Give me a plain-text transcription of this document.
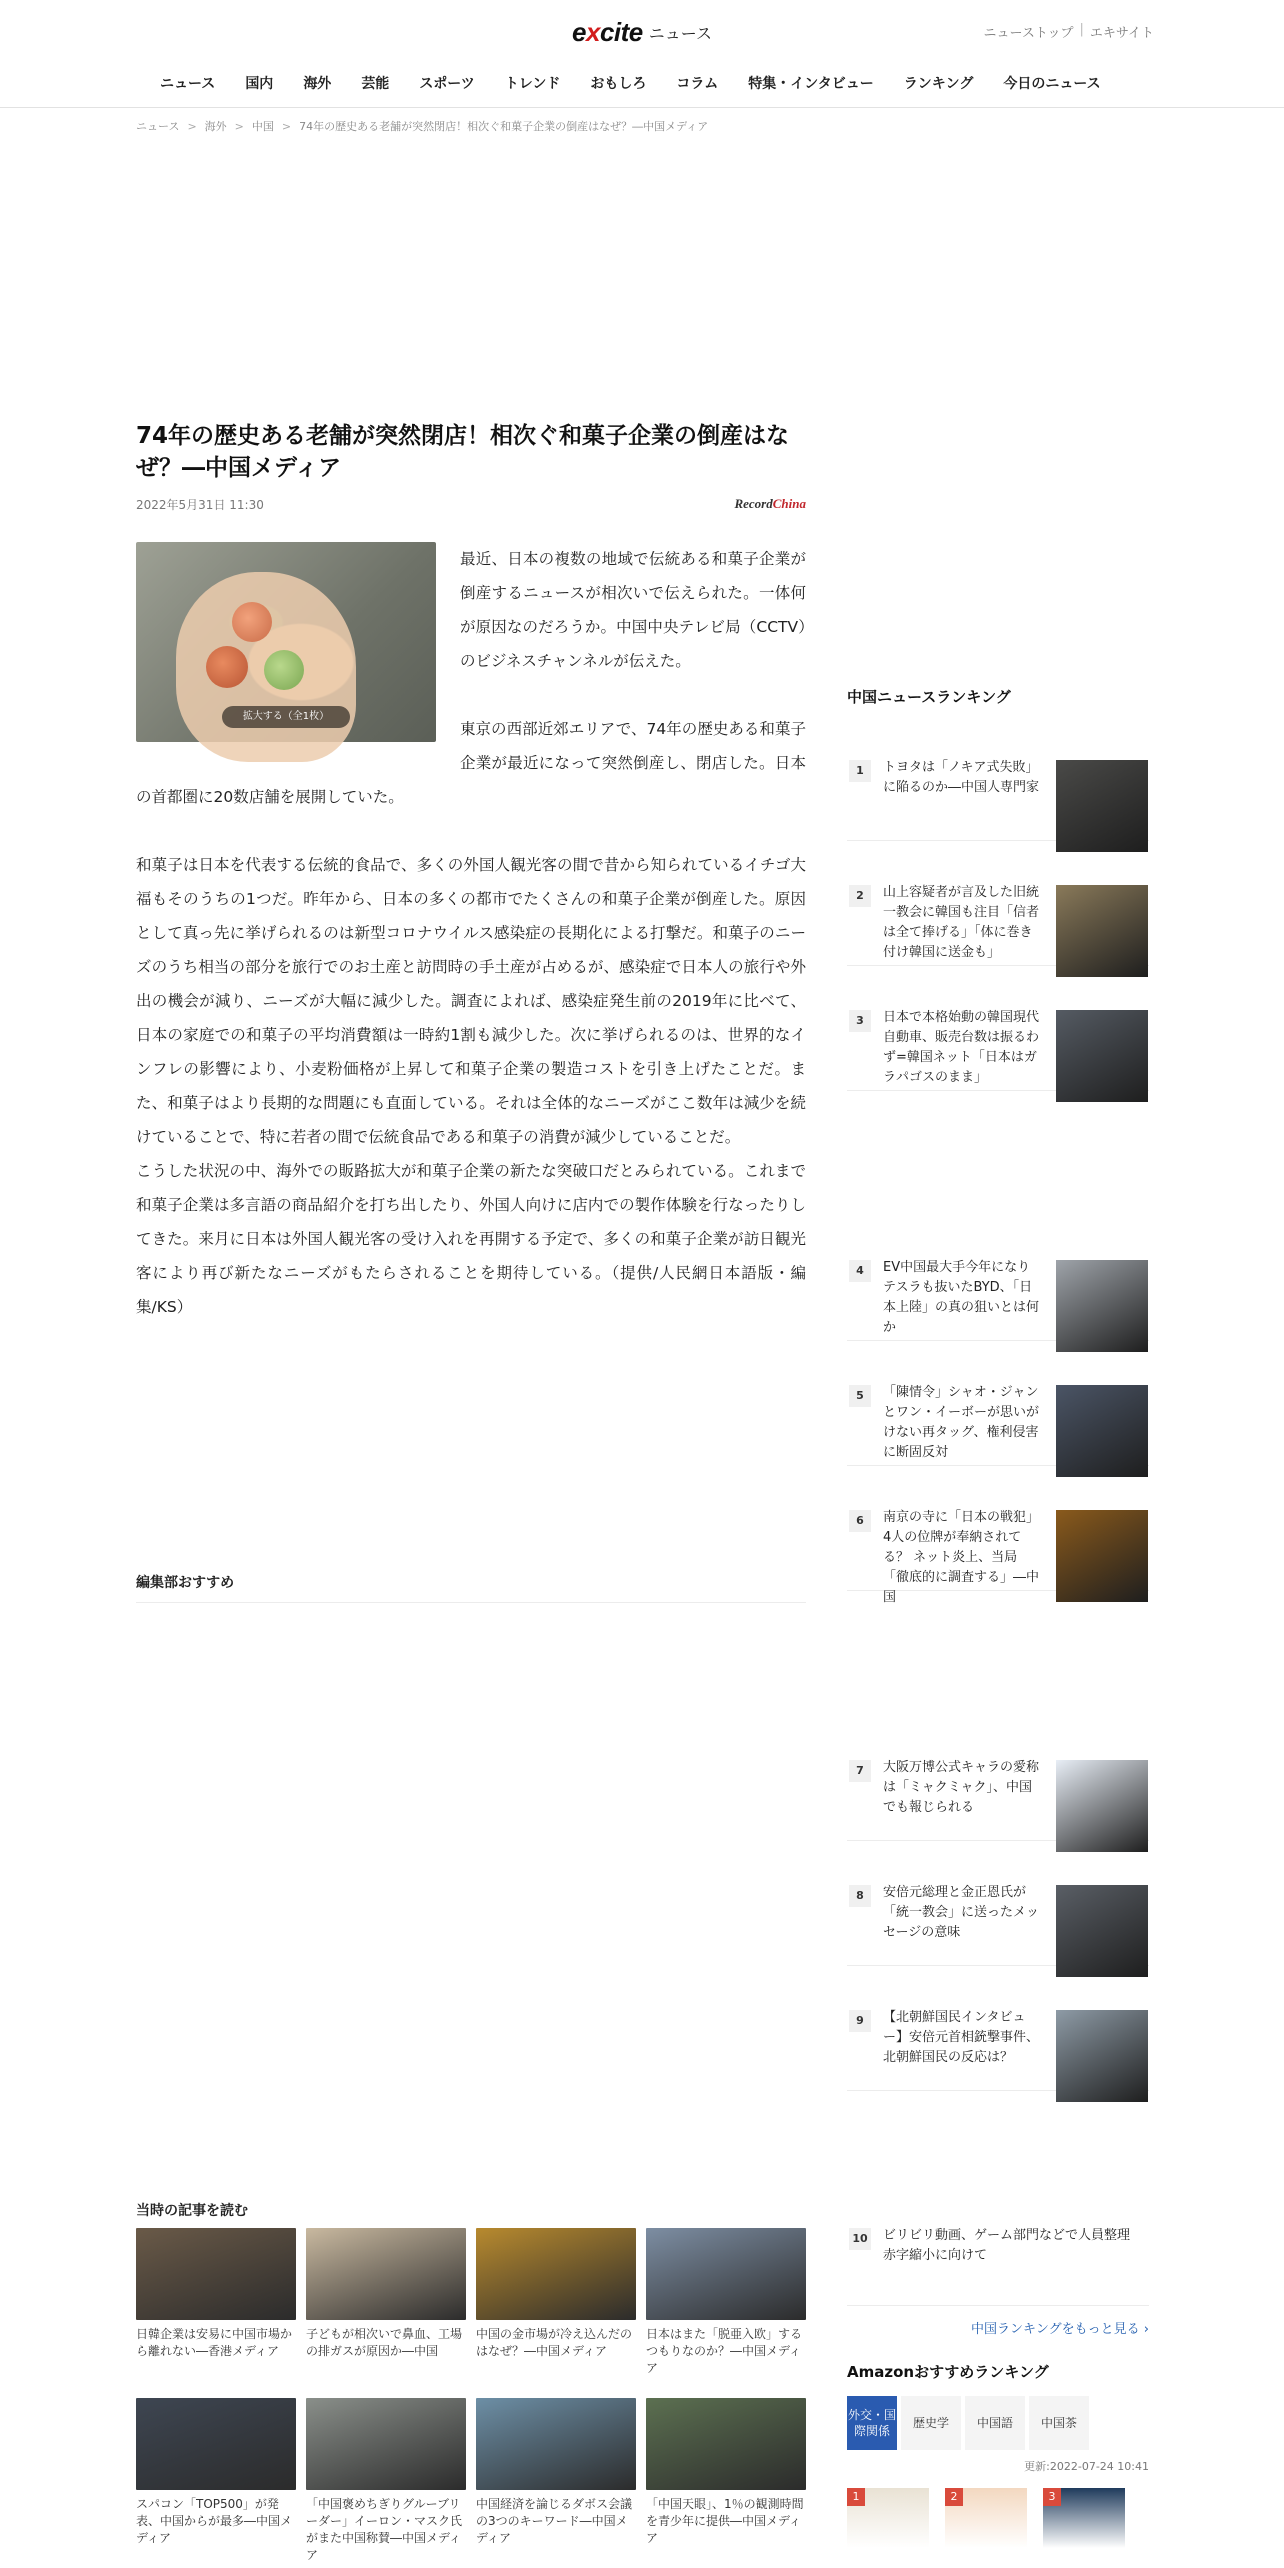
excite ニュース	ニューストップ | エキサイト
ニュース	国内	海外	芸能	スポーツ	トレンド	おもしろ	コラム	特集・インタビュー	ランキング	今日のニュース
ニュース > 海外 > 中国 > 74年の歴史ある老舗が突然閉店！相次ぐ和菓子企業の倒産はなぜ？―中国メディア
74年の歴史ある老舗が突然閉店！相次ぐ和菓子企業の倒産はなぜ？―中国メディア
2022年5月31日 11:30	RecordChina
拡大する（全1枚）

最近、日本の複数の地域で伝統ある和菓子企業が倒産するニュースが相次いで伝えられた。一体何が原因なのだろうか。中国中央テレビ局（CCTV）のビジネスチャンネルが伝えた。

東京の西部近郊エリアで、74年の歴史ある和菓子企業が最近になって突然倒産し、閉店した。日本の首都圏に20数店舗を展開していた。

和菓子は日本を代表する伝統的食品で、多くの外国人観光客の間で昔から知られているイチゴ大福もそのうちの1つだ。昨年から、日本の多くの都市でたくさんの和菓子企業が倒産した。原因として真っ先に挙げられるのは新型コロナウイルス感染症の長期化による打撃だ。和菓子のニーズのうち相当の部分を旅行でのお土産と訪問時の手土産が占めるが、感染症で日本人の旅行や外出の機会が減り、ニーズが大幅に減少した。調査によれば、感染症発生前の2019年に比べて、日本の家庭での和菓子の平均消費額は一時約1割も減少した。次に挙げられるのは、世界的なインフレの影響により、小麦粉価格が上昇して和菓子企業の製造コストを引き上げたことだ。また、和菓子はより長期的な問題にも直面している。それは全体的なニーズがここ数年は減少を続けていることで、特に若者の間で伝統食品である和菓子の消費が減少していることだ。

こうした状況の中、海外での販路拡大が和菓子企業の新たな突破口だとみられている。これまで和菓子企業は多言語の商品紹介を打ち出したり、外国人向けに店内での製作体験を行なったりしてきた。来月に日本は外国人観光客の受け入れを再開する予定で、多くの和菓子企業が訪日観光客により再び新たなニーズがもたらされることを期待している。（提供/人民網日本語版・編集/KS）

編集部おすすめ
当時の記事を読む
日韓企業は安易に中国市場から離れない―香港メディア
子どもが相次いで鼻血、工場の排ガスが原因か―中国
中国の金市場が冷え込んだのはなぜ？―中国メディア
日本はまた「脱亜入欧」するつもりなのか？―中国メディア
スパコン「TOP500」が発表、中国からが最多―中国メディア
「中国褒めちぎりグルーブリーダー」イーロン・マスク氏がまた中国称賛―中国メディア
中国経済を論じるダボス会議の3つのキーワード―中国メディア
「中国天眼」、1％の観測時間を青少年に提供―中国メディア
中国ニュースランキング
1	トヨタは「ノキア式失敗」に陥るのか―中国人専門家
2	山上容疑者が言及した旧統一教会に韓国も注目「信者は全て捧げる」「体に巻き付け韓国に送金も」
3	日本で本格始動の韓国現代自動車、販売台数は振るわず=韓国ネット「日本はガラパゴスのまま」
4	EV中国最大手今年になりテスラも抜いたBYD、「日本上陸」の真の狙いとは何か
5	「陳情令」シャオ・ジャンとワン・イーボーが思いがけない再タッグ、権利侵害に断固反対
6	南京の寺に「日本の戦犯」4人の位牌が奉納されてる？ ネット炎上、当局「徹底的に調査する」―中国
7	大阪万博公式キャラの愛称は「ミャクミャク」、中国でも報じられる
8	安倍元総理と金正恩氏が「統一教会」に送ったメッセージの意味
9	【北朝鮮国民インタビュー】安倍元首相銃撃事件、北朝鮮国民の反応は？
10 ビリビリ動画、ゲーム部門などで人員整理　赤字縮小に向けて
中国ランキングをもっと見る ›
Amazonおすすめランキング
外交・国際関係
歴史学	中国語	中国茶
更新:2022-07-24 10:41
1	2	3
